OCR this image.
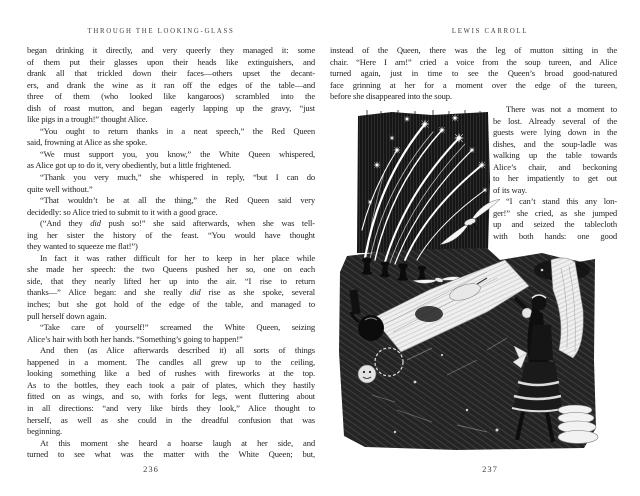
THROUGH THE LOOKING-GLASS
began drinking it directly, and very queerly they managed it: some
of them put their glasses upon their heads like extinguishers, and
drank all that trickled down their faces—others upset the decant-
ers, and drank the wine as it ran off the edges of the table—and
three of them (who looked like kangaroos) scrambled into the
dish of roast mutton, and began eagerly lapping up the gravy, “just
like pigs in a trough!” thought Alice.
“You ought to return thanks in a neat speech,” the Red Queen
said, frowning at Alice as she spoke.
“We must support you, you know,” the White Queen whispered,
as Alice got up to do it, very obediently, but a little frightened.
“Thank you very much,” she whispered in reply, “but I can do
quite well without.”
“That wouldn’t be at all the thing,” the Red Queen said very
decidedly: so Alice tried to submit to it with a good grace.
(“And they did push so!” she said afterwards, when she was tell-
ing her sister the history of the feast. “You would have thought
they wanted to squeeze me flat!”)
In fact it was rather difficult for her to keep in her place while
she made her speech: the two Queens pushed her so, one on each
side, that they nearly lifted her up into the air. “I rise to return
thanks—” Alice began: and she really did rise as she spoke, several
inches; but she got hold of the edge of the table, and managed to
pull herself down again.
“Take care of yourself!” screamed the White Queen, seizing
Alice’s hair with both her hands. “Something’s going to happen!”
And then (as Alice afterwards described it) all sorts of things
happened in a moment. The candles all grew up to the ceiling,
looking something like a bed of rushes with fireworks at the top.
As to the bottles, they each took a pair of plates, which they hastily
fitted on as wings, and so, with forks for legs, went fluttering about
in all directions: “and very like birds they look,” Alice thought to
herself, as well as she could in the dreadful confusion that was
beginning.
At this moment she heard a hoarse laugh at her side, and
turned to see what was the matter with the White Queen; but,
236
LEWIS CARROLL
instead of the Queen, there was the leg of mutton sitting in the
chair. “Here I am!” cried a voice from the soup tureen, and Alice
turned again, just in time to see the Queen’s broad good-natured
face grinning at her for a moment over the edge of the tureen,
before she disappeared into the soup.
There was not a moment to
be lost. Already several of the
guests were lying down in the
dishes, and the soup-ladle was
walking up the table towards
Alice’s chair, and beckoning
to her impatiently to get out
of its way.
“I can’t stand this any lon-
ger!” she cried, as she jumped
up and seized the tablecloth
with both hands: one good
237
